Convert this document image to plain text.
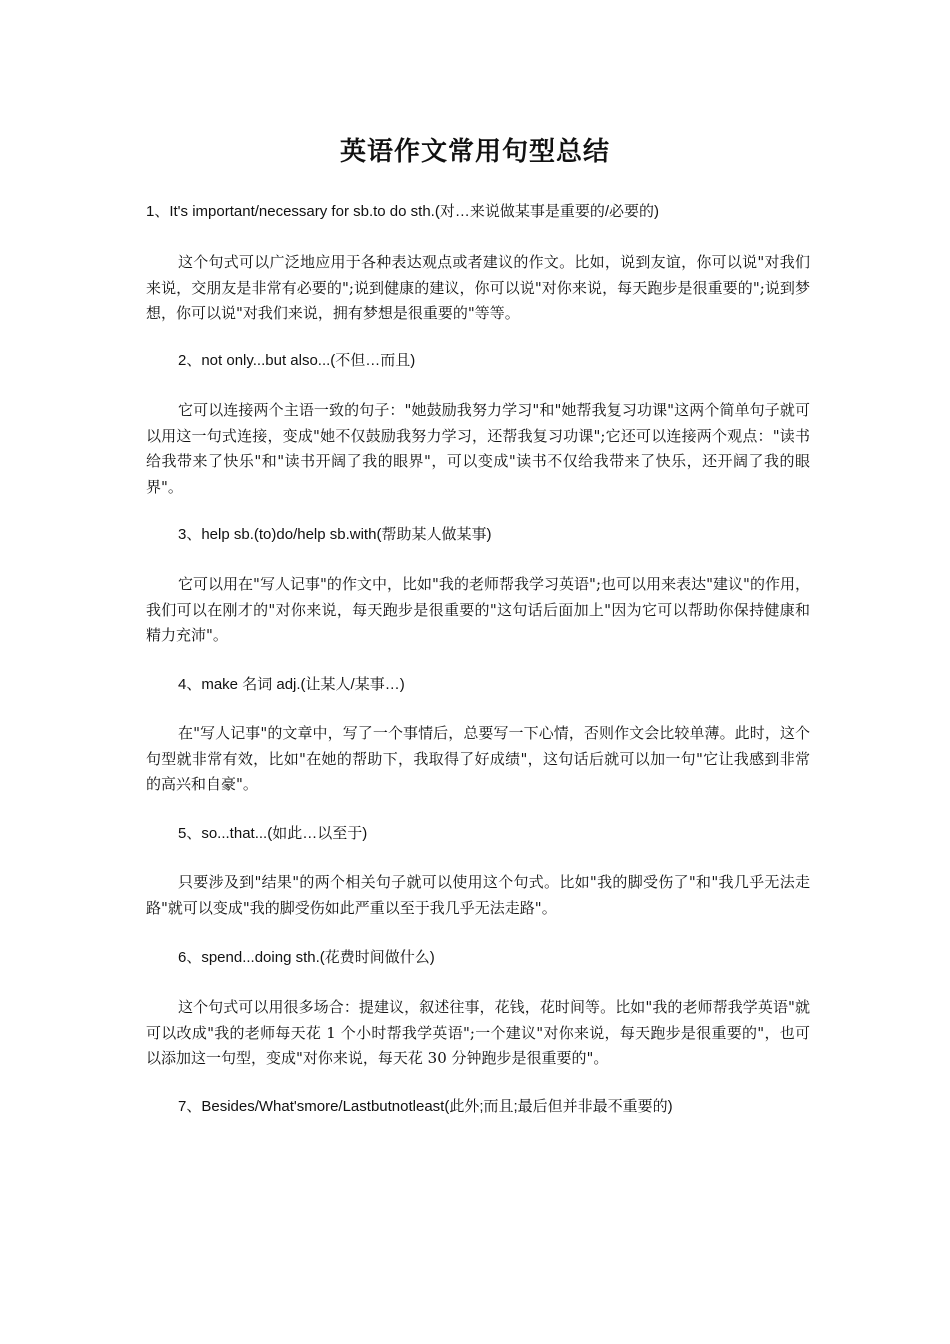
英语作文常用句型总结

1、It's important/necessary for sb.to do sth.(对…来说做某事是重要的/必要的)

这个句式可以广泛地应用于各种表达观点或者建议的作文。比如，说到友谊，你可以说"对我们来说，交朋友是非常有必要的";说到健康的建议，你可以说"对你来说，每天跑步是很重要的";说到梦想，你可以说"对我们来说，拥有梦想是很重要的"等等。

2、not only...but also...(不但…而且)

它可以连接两个主语一致的句子："她鼓励我努力学习"和"她帮我复习功课"这两个简单句子就可以用这一句式连接，变成"她不仅鼓励我努力学习，还帮我复习功课";它还可以连接两个观点："读书给我带来了快乐"和"读书开阔了我的眼界"，可以变成"读书不仅给我带来了快乐，还开阔了我的眼界"。

3、help sb.(to)do/help sb.with(帮助某人做某事)

它可以用在"写人记事"的作文中，比如"我的老师帮我学习英语";也可以用来表达"建议"的作用，我们可以在刚才的"对你来说，每天跑步是很重要的"这句话后面加上"因为它可以帮助你保持健康和精力充沛"。

4、make 名词 adj.(让某人/某事…)

在"写人记事"的文章中，写了一个事情后，总要写一下心情，否则作文会比较单薄。此时，这个句型就非常有效，比如"在她的帮助下，我取得了好成绩"，这句话后就可以加一句"它让我感到非常的高兴和自豪"。

5、so...that...(如此…以至于)

只要涉及到"结果"的两个相关句子就可以使用这个句式。比如"我的脚受伤了"和"我几乎无法走路"就可以变成"我的脚受伤如此严重以至于我几乎无法走路"。

6、spend...doing sth.(花费时间做什么)

这个句式可以用很多场合：提建议，叙述往事，花钱，花时间等。比如"我的老师帮我学英语"就可以改成"我的老师每天花 1 个小时帮我学英语";一个建议"对你来说，每天跑步是很重要的"，也可以添加这一句型，变成"对你来说，每天花 30 分钟跑步是很重要的"。

7、Besides/What'smore/Lastbutnotleast(此外;而且;最后但并非最不重要的)
